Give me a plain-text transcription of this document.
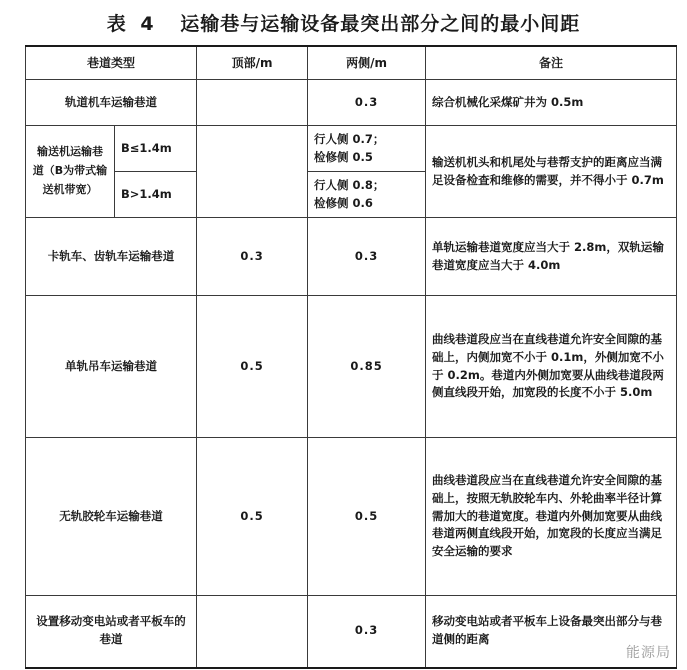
表 4 运输巷与运输设备最突出部分之间的最小间距
巷道类型		顶部/m	两侧/m	备注
轨道机车运输巷道			0.3	综合机械化采煤矿井为 0.5m
输送机运输巷道（B为带式输送机带宽）	B≤1.4m		行人侧 0.7；
检修侧 0.5	输送机机头和机尾处与巷帮支护的距离应当满足设备检查和维修的需要，并不得小于 0.7m
	B>1.4m		行人侧 0.8；
检修侧 0.6	
卡轨车、齿轨车运输巷道		0.3	0.3	单轨运输巷道宽度应当大于 2.8m，双轨运输巷道宽度应当大于 4.0m
单轨吊车运输巷道		0.5	0.85	曲线巷道段应当在直线巷道允许安全间隙的基础上，内侧加宽不小于 0.1m，外侧加宽不小于 0.2m。巷道内外侧加宽要从曲线巷道段两侧直线段开始，加宽段的长度不小于 5.0m
无轨胶轮车运输巷道		0.5	0.5	曲线巷道段应当在直线巷道允许安全间隙的基础上，按照无轨胶轮车内、外轮曲率半径计算需加大的巷道宽度。巷道内外侧加宽要从曲线巷道两侧直线段开始，加宽段的长度应当满足安全运输的要求
设置移动变电站或者平板车的巷道			0.3	移动变电站或者平板车上设备最突出部分与巷道侧的距离
能源局
